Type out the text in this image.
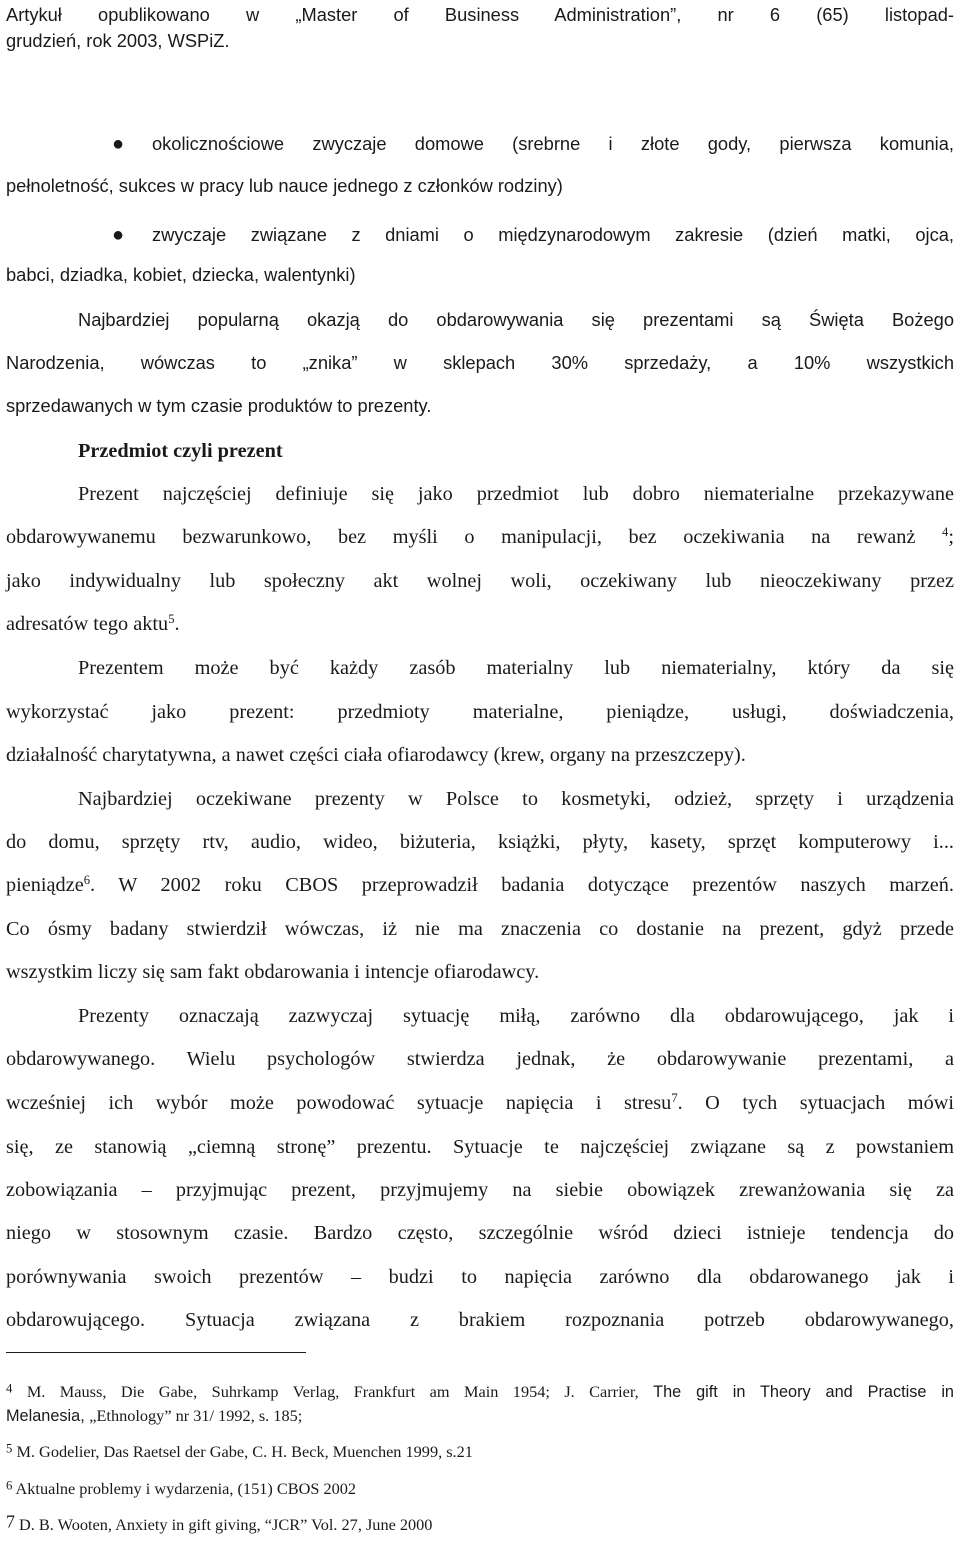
Artykuł opublikowano w „Master of Business Administration”, nr 6 (65) listopad-
grudzień, rok 2003, WSPiZ.
● okolicznościowe zwyczaje domowe (srebrne i złote gody, pierwsza komunia,
pełnoletność, sukces w pracy lub nauce jednego z członków rodziny)
● zwyczaje związane z dniami o międzynarodowym zakresie (dzień matki, ojca,
babci, dziadka, kobiet, dziecka, walentynki)
Najbardziej popularną okazją do obdarowywania się prezentami są Święta Bożego
Narodzenia, wówczas to „znika” w sklepach 30% sprzedaży, a 10% wszystkich
sprzedawanych w tym czasie produktów to prezenty.
Przedmiot czyli prezent
Prezent najczęściej definiuje się jako przedmiot lub dobro niematerialne przekazywane
obdarowywanemu bezwarunkowo, bez myśli o manipulacji, bez oczekiwania na rewanż $^4$;
jako indywidualny lub społeczny akt wolnej woli, oczekiwany lub nieoczekiwany przez
adresatów tego aktu$^5$.
Prezentem może być każdy zasób materialny lub niematerialny, który da się
wykorzystać jako prezent: przedmioty materialne, pieniądze, usługi, doświadczenia,
działalność charytatywna, a nawet części ciała ofiarodawcy (krew, organy na przeszczepy).
Najbardziej oczekiwane prezenty w Polsce to kosmetyki, odzież, sprzęty i urządzenia
do domu, sprzęty rtv, audio, wideo, biżuteria, książki, płyty, kasety, sprzęt komputerowy i...
pieniądze$^6$. W 2002 roku CBOS przeprowadził badania dotyczące prezentów naszych marzeń.
Co ósmy badany stwierdził wówczas, iż nie ma znaczenia co dostanie na prezent, gdyż przede
wszystkim liczy się sam fakt obdarowania i intencje ofiarodawcy.
Prezenty oznaczają zazwyczaj sytuację miłą, zarówno dla obdarowującego, jak i
obdarowywanego. Wielu psychologów stwierdza jednak, że obdarowywanie prezentami, a
wcześniej ich wybór może powodować sytuacje napięcia i stresu$^7$. O tych sytuacjach mówi
się, ze stanowią „ciemną stronę” prezentu. Sytuacje te najczęściej związane są z powstaniem
zobowiązania – przyjmując prezent, przyjmujemy na siebie obowiązek zrewanżowania się za
niego w stosownym czasie. Bardzo często, szczególnie wśród dzieci istnieje tendencja do
porównywania swoich prezentów – budzi to napięcia zarówno dla obdarowanego jak i
obdarowującego. Sytuacja związana z brakiem rozpoznania potrzeb obdarowywanego,
$^4$ M. Mauss, Die Gabe, Suhrkamp Verlag, Frankfurt am Main 1954; J. Carrier, The gift in Theory and Practise in
Melanesia, „Ethnology” nr 31/ 1992, s. 185;
$^5$ M. Godelier, Das Raetsel der Gabe, C. H. Beck, Muenchen 1999, s.21
$^6$ Aktualne problemy i wydarzenia, (151) CBOS 2002
7 D. B. Wooten, Anxiety in gift giving, “JCR” Vol. 27, June 2000
